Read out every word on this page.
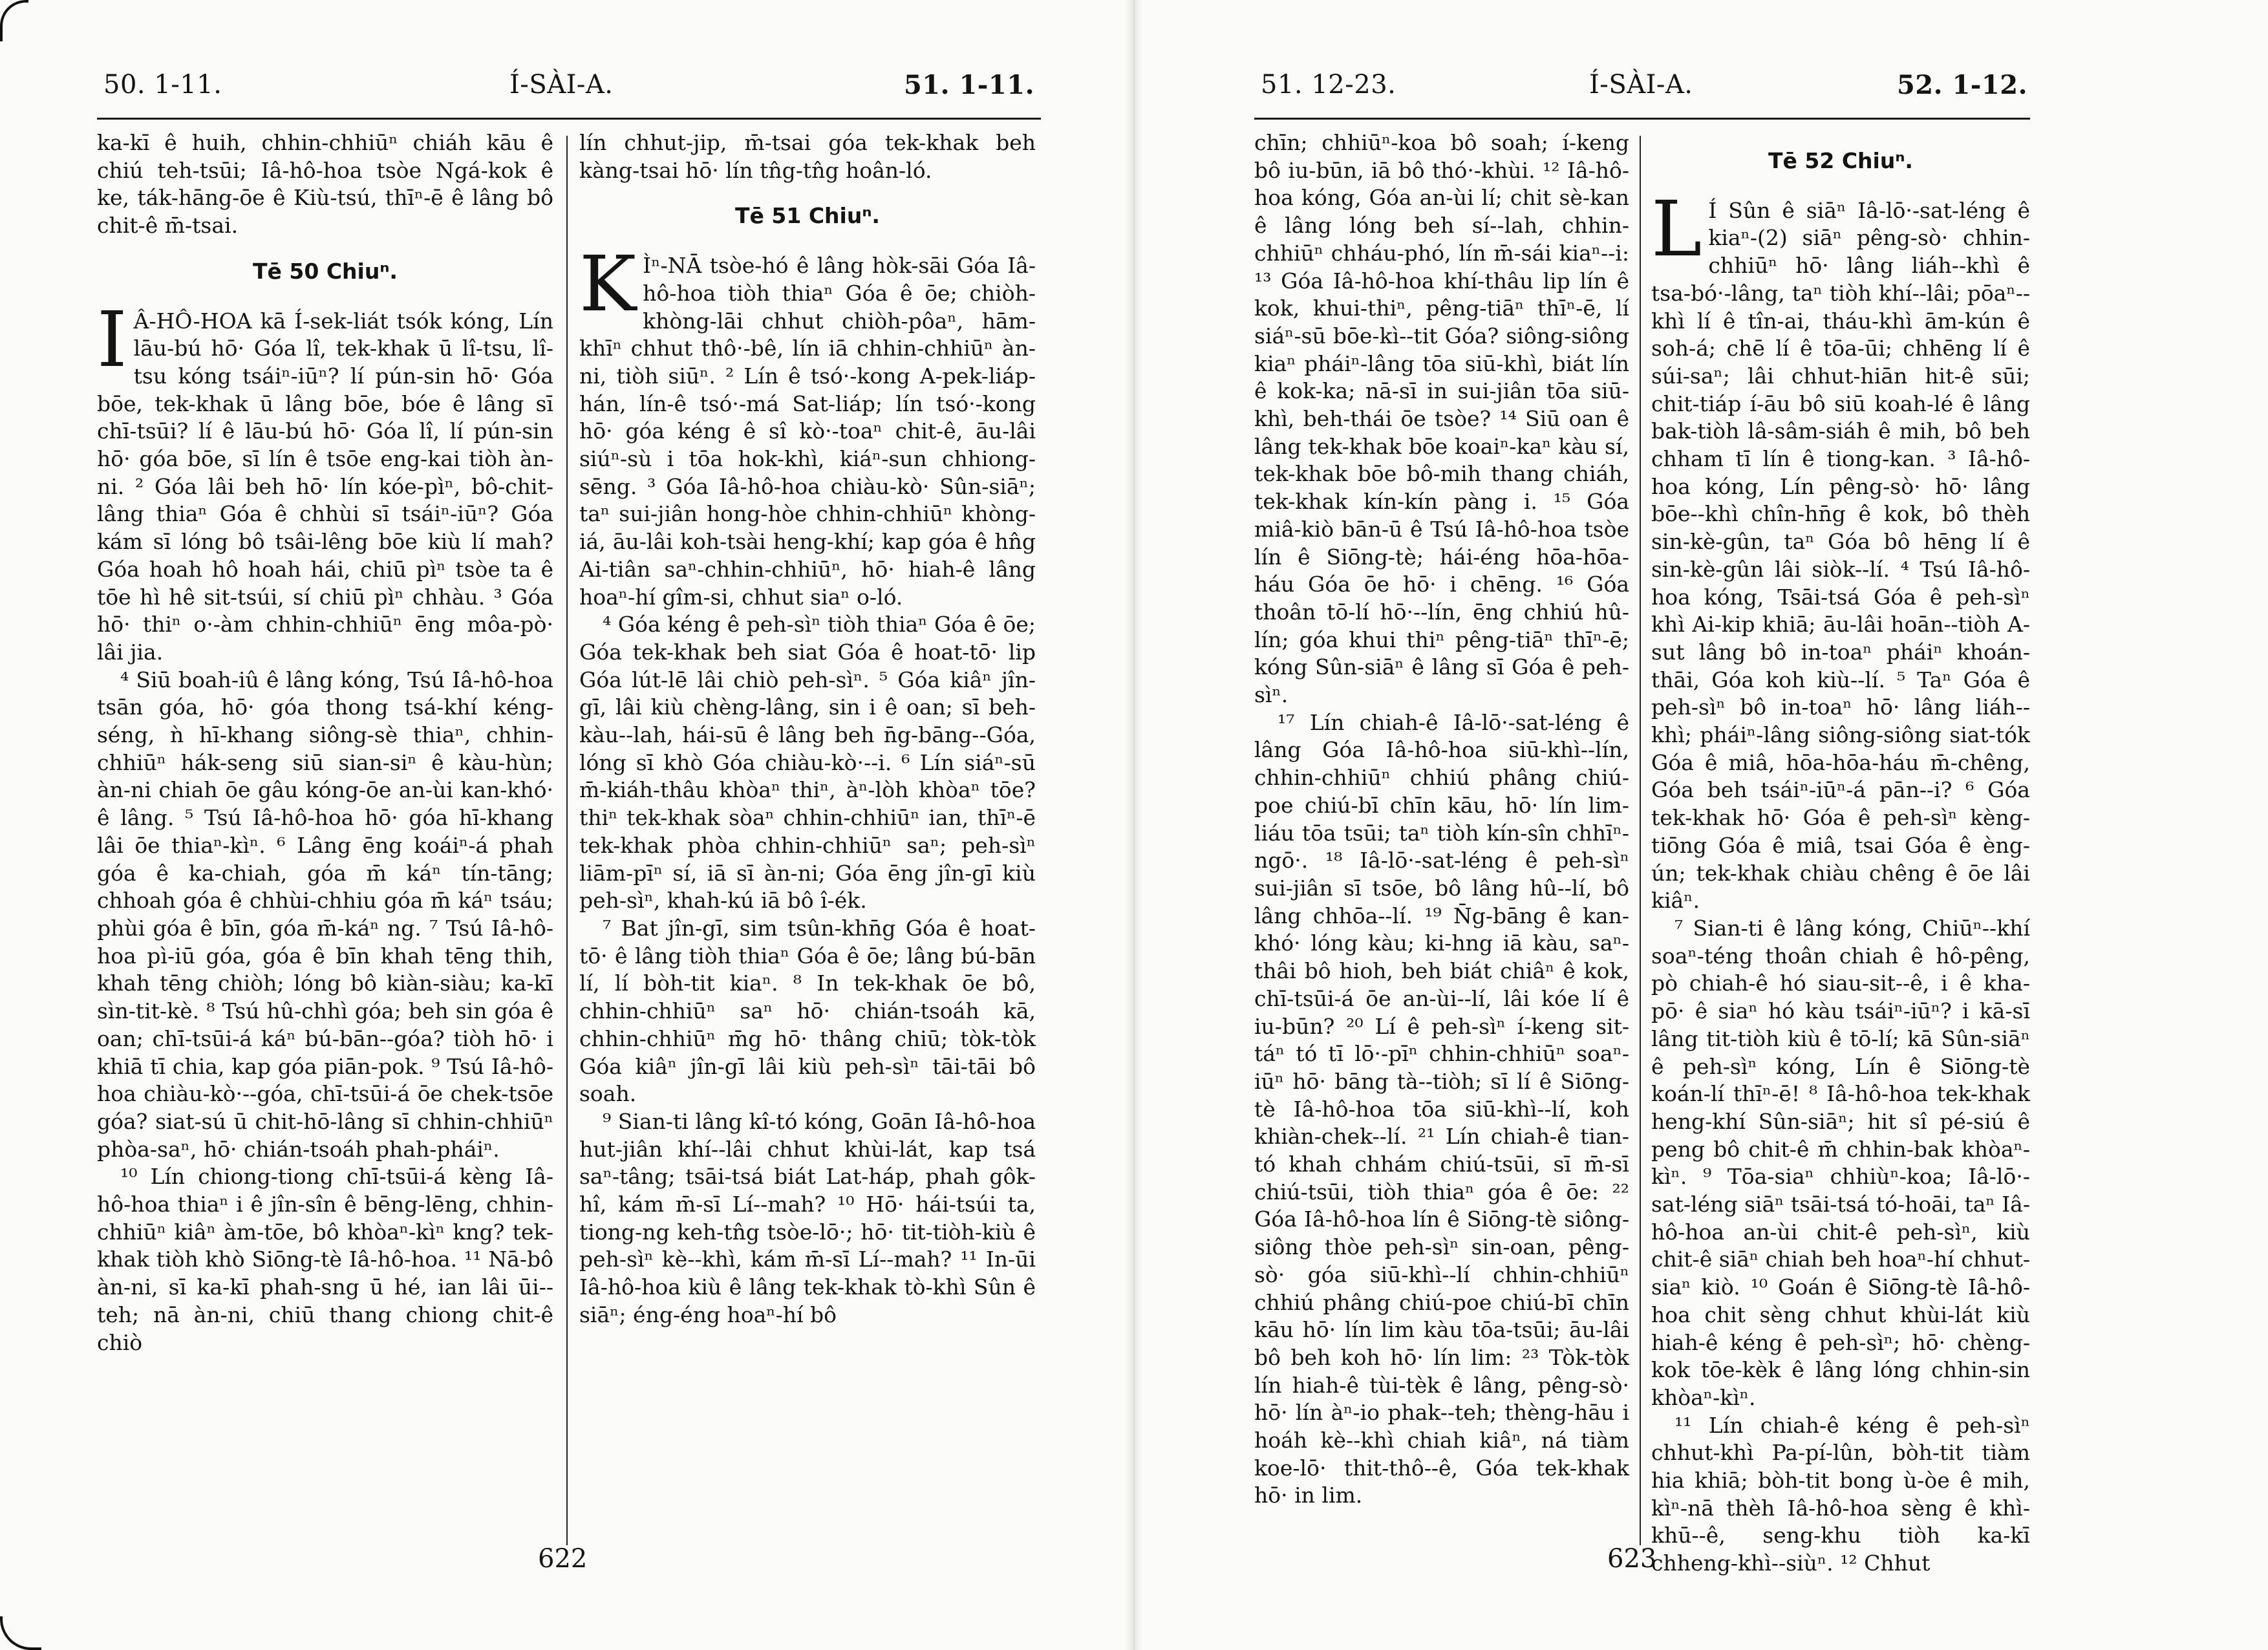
50. 1-11.	Í-SÀI-A.	51. 1-11.

ka-kī ê huih, chhin-chhiūⁿ chiáh kāu ê chiú teh-tsūi; Iâ-hô-hoa tsòe Ngá-kok ê ke, ták-hāng-ōe ê Kiù-tsú, thīⁿ-ē ê lâng bô chit-ê m̄-tsai.

Tē 50 Chiuⁿ.

IÂ-HÔ-HOA kā Í-sek-liát tsók kóng, Lín lāu-bú hō· Góa lî, tek-khak ū lî-tsu, lî-tsu kóng tsáiⁿ-iūⁿ? lí pún-sin hō· Góa bōe, tek-khak ū lâng bōe, bóe ê lâng sī chī-tsūi? lí ê lāu-bú hō· Góa lî, lí pún-sin hō· góa bōe, sī lín ê tsōe eng-kai tiòh àn-ni. ² Góa lâi beh hō· lín kóe-pìⁿ, bô-chit-lâng thiaⁿ Góa ê chhùi sī tsáiⁿ-iūⁿ? Góa kám sī lóng bô tsâi-lêng bōe kiù lí mah? Góa hoah hô hoah hái, chiū pìⁿ tsòe ta ê tōe hì hê sit-tsúi, sí chiū pìⁿ chhàu. ³ Góa hō· thiⁿ o·-àm chhin-chhiūⁿ ēng môa-pò· lâi jia.

⁴ Siū boah-iû ê lâng kóng, Tsú Iâ-hô-hoa tsān góa, hō· góa thong tsá-khí kéng-séng, ǹ hī-khang siông-sè thiaⁿ, chhin-chhiūⁿ hák-seng siū sian-siⁿ ê kàu-hùn; àn-ni chiah ōe gâu kóng-ōe an-ùi kan-khó· ê lâng. ⁵ Tsú Iâ-hô-hoa hō· góa hī-khang lâi ōe thiaⁿ-kìⁿ. ⁶ Lâng ēng koáiⁿ-á phah góa ê ka-chiah, góa m̄ káⁿ tín-tāng; chhoah góa ê chhùi-chhiu góa m̄ káⁿ tsáu; phùi góa ê bīn, góa m̄-káⁿ ng. ⁷ Tsú Iâ-hô-hoa pì-iū góa, góa ê bīn khah tēng thih, khah tēng chiòh; lóng bô kiàn-siàu; ka-kī sìn-tit-kè. ⁸ Tsú hû-chhì góa; beh sin góa ê oan; chī-tsūi-á káⁿ bú-bān--góa? tiòh hō· i khiā tī chia, kap góa piān-pok. ⁹ Tsú Iâ-hô-hoa chiàu-kò·--góa, chī-tsūi-á ōe chek-tsōe góa? siat-sú ū chit-hō-lâng sī chhin-chhiūⁿ phòa-saⁿ, hō· chián-tsoáh phah-pháiⁿ.

¹⁰ Lín chiong-tiong chī-tsūi-á kèng Iâ-hô-hoa thiaⁿ i ê jîn-sîn ê bēng-lēng, chhin-chhiūⁿ kiâⁿ àm-tōe, bô khòaⁿ-kìⁿ kng? tek-khak tiòh khò Siōng-tè Iâ-hô-hoa. ¹¹ Nā-bô àn-ni, sī ka-kī phah-sng ū hé, ian lâi ūi--teh; nā àn-ni, chiū thang chiong chit-ê chiò

lín chhut-jip, m̄-tsai góa tek-khak beh kàng-tsai hō· lín tn̂g-tn̂g hoân-ló.

Tē 51 Chiuⁿ.

KÌⁿ-NĀ tsòe-hó ê lâng hòk-sāi Góa Iâ-hô-hoa tiòh thiaⁿ Góa ê ōe; chiòh-khòng-lāi chhut chiòh-pôaⁿ, hām-khīⁿ chhut thô·-bê, lín iā chhin-chhiūⁿ àn-ni, tiòh siūⁿ. ² Lín ê tsó·-kong A-pek-liáp-hán, lín-ê tsó·-má Sat-liáp; lín tsó·-kong hō· góa kéng ê sî kò·-toaⁿ chit-ê, āu-lâi siúⁿ-sù i tōa hok-khì, kiáⁿ-sun chhiong-sēng. ³ Góa Iâ-hô-hoa chiàu-kò· Sûn-siāⁿ; taⁿ sui-jiân hong-hòe chhin-chhiūⁿ khòng-iá, āu-lâi koh-tsài heng-khí; kap góa ê hn̂g Ai-tiân saⁿ-chhin-chhiūⁿ, hō· hiah-ê lâng hoaⁿ-hí gîm-si, chhut siaⁿ o-ló.

⁴ Góa kéng ê peh-sìⁿ tiòh thiaⁿ Góa ê ōe; Góa tek-khak beh siat Góa ê hoat-tō· lip Góa lút-lē lâi chiò peh-sìⁿ. ⁵ Góa kiâⁿ jîn-gī, lâi kiù chèng-lâng, sin i ê oan; sī beh-kàu--lah, hái-sū ê lâng beh n̄g-bāng--Góa, lóng sī khò Góa chiàu-kò·--i. ⁶ Lín siáⁿ-sū m̄-kiáh-thâu khòaⁿ thiⁿ, àⁿ-lòh khòaⁿ tōe? thiⁿ tek-khak sòaⁿ chhin-chhiūⁿ ian, thīⁿ-ē tek-khak phòa chhin-chhiūⁿ saⁿ; peh-sìⁿ liām-pīⁿ sí, iā sī àn-ni; Góa ēng jîn-gī kiù peh-sìⁿ, khah-kú iā bô î-ék.

⁷ Bat jîn-gī, sim tsûn-khn̄g Góa ê hoat-tō· ê lâng tiòh thiaⁿ Góa ê ōe; lâng bú-bān lí, lí bòh-tit kiaⁿ. ⁸ In tek-khak ōe bô, chhin-chhiūⁿ saⁿ hō· chián-tsoáh kā, chhin-chhiūⁿ m̄g hō· thâng chiū; tòk-tòk Góa kiâⁿ jîn-gī lâi kiù peh-sìⁿ tāi-tāi bô soah.

⁹ Sian-ti lâng kî-tó kóng, Goān Iâ-hô-hoa hut-jiân khí--lâi chhut khùi-lát, kap tsá saⁿ-tâng; tsāi-tsá biát Lat-háp, phah gôk-hî, kám m̄-sī Lí--mah? ¹⁰ Hō· hái-tsúi ta, tiong-ng keh-tn̂g tsòe-lō·; hō· tit-tiòh-kiù ê peh-sìⁿ kè--khì, kám m̄-sī Lí--mah? ¹¹ In-ūi Iâ-hô-hoa kiù ê lâng tek-khak tò-khì Sûn ê siāⁿ; éng-éng hoaⁿ-hí bô

622
51. 12-23.	Í-SÀI-A.	52. 1-12.

chīn; chhiūⁿ-koa bô soah; í-keng bô iu-būn, iā bô thó·-khùi. ¹² Iâ-hô-hoa kóng, Góa an-ùi lí; chit sè-kan ê lâng lóng beh sí--lah, chhin-chhiūⁿ chháu-phó, lín m̄-sái kiaⁿ--i: ¹³ Góa Iâ-hô-hoa khí-thâu lip lín ê kok, khui-thiⁿ, pêng-tiāⁿ thīⁿ-ē, lí siáⁿ-sū bōe-kì--tit Góa? siông-siông kiaⁿ pháiⁿ-lâng tōa siū-khì, biát lín ê kok-ka; nā-sī in sui-jiân tōa siū-khì, beh-thái ōe tsòe? ¹⁴ Siū oan ê lâng tek-khak bōe koaiⁿ-kaⁿ kàu sí, tek-khak bōe bô-mih thang chiáh, tek-khak kín-kín pàng i. ¹⁵ Góa miâ-kiò bān-ū ê Tsú Iâ-hô-hoa tsòe lín ê Siōng-tè; hái-éng hōa-hōa-háu Góa ōe hō· i chēng. ¹⁶ Góa thoân tō-lí hō·--lín, ēng chhiú hû-lín; góa khui thiⁿ pêng-tiāⁿ thīⁿ-ē; kóng Sûn-siāⁿ ê lâng sī Góa ê peh-sìⁿ.

¹⁷ Lín chiah-ê Iâ-lō·-sat-léng ê lâng Góa Iâ-hô-hoa siū-khì--lín, chhin-chhiūⁿ chhiú phâng chiú-poe chiú-bī chīn kāu, hō· lín lim-liáu tōa tsūi; taⁿ tiòh kín-sîn chhīⁿ-ngō·. ¹⁸ Iâ-lō·-sat-léng ê peh-sìⁿ sui-jiân sī tsōe, bô lâng hû--lí, bô lâng chhōa--lí. ¹⁹ N̄g-bāng ê kan-khó· lóng kàu; ki-hng iā kàu, saⁿ-thâi bô hioh, beh biát chiâⁿ ê kok, chī-tsūi-á ōe an-ùi--lí, lâi kóe lí ê iu-būn? ²⁰ Lí ê peh-sìⁿ í-keng sit-táⁿ tó tī lō·-pīⁿ chhin-chhiūⁿ soaⁿ-iūⁿ hō· bāng tà--tiòh; sī lí ê Siōng-tè Iâ-hô-hoa tōa siū-khì--lí, koh khiàn-chek--lí. ²¹ Lín chiah-ê tian-tó khah chhám chiú-tsūi, sī m̄-sī chiú-tsūi, tiòh thiaⁿ góa ê ōe: ²² Góa Iâ-hô-hoa lín ê Siōng-tè siông-siông thòe peh-sìⁿ sin-oan, pêng-sò· góa siū-khì--lí chhin-chhiūⁿ chhiú phâng chiú-poe chiú-bī chīn kāu hō· lín lim kàu tōa-tsūi; āu-lâi bô beh koh hō· lín lim: ²³ Tòk-tòk lín hiah-ê tùi-tèk ê lâng, pêng-sò· hō· lín àⁿ-io phak--teh; thèng-hāu i hoáh kè--khì chiah kiâⁿ, ná tiàm koe-lō· thit-thô--ê, Góa tek-khak hō· in lim.

Tē 52 Chiuⁿ.

LÍ Sûn ê siāⁿ Iâ-lō·-sat-léng ê kiaⁿ-(2) siāⁿ pêng-sò· chhin-chhiūⁿ hō· lâng liáh--khì ê tsa-bó·-lâng, taⁿ tiòh khí--lâi; pōaⁿ--khì lí ê tîn-ai, tháu-khì ām-kún ê soh-á; chē lí ê tōa-ūi; chhēng lí ê súi-saⁿ; lâi chhut-hiān hit-ê sūi; chit-tiáp í-āu bô siū koah-lé ê lâng bak-tiòh lâ-sâm-siáh ê mih, bô beh chham tī lín ê tiong-kan. ³ Iâ-hô-hoa kóng, Lín pêng-sò· hō· lâng bōe--khì chîn-hn̄g ê kok, bô thèh sin-kè-gûn, taⁿ Góa bô hēng lí ê sin-kè-gûn lâi siòk--lí. ⁴ Tsú Iâ-hô-hoa kóng, Tsāi-tsá Góa ê peh-sìⁿ khì Ai-kip khiā; āu-lâi hoān--tiòh A-sut lâng bô in-toaⁿ pháiⁿ khoán-thāi, Góa koh kiù--lí. ⁵ Taⁿ Góa ê peh-sìⁿ bô in-toaⁿ hō· lâng liáh--khì; pháiⁿ-lâng siông-siông siat-tók Góa ê miâ, hōa-hōa-háu m̄-chêng, Góa beh tsáiⁿ-iūⁿ-á pān--i? ⁶ Góa tek-khak hō· Góa ê peh-sìⁿ kèng-tiōng Góa ê miâ, tsai Góa ê èng-ún; tek-khak chiàu chêng ê ōe lâi kiâⁿ.

⁷ Sian-ti ê lâng kóng, Chiūⁿ--khí soaⁿ-téng thoân chiah ê hô-pêng, pò chiah-ê hó siau-sit--ê, i ê kha-pō· ê siaⁿ hó kàu tsáiⁿ-iūⁿ? i kā-sī lâng tit-tiòh kiù ê tō-lí; kā Sûn-siāⁿ ê peh-sìⁿ kóng, Lín ê Siōng-tè koán-lí thīⁿ-ē! ⁸ Iâ-hô-hoa tek-khak heng-khí Sûn-siāⁿ; hit sî pé-siú ê peng bô chit-ê m̄ chhin-bak khòaⁿ-kìⁿ. ⁹ Tōa-siaⁿ chhiùⁿ-koa; Iâ-lō·-sat-léng siāⁿ tsāi-tsá tó-hoāi, taⁿ Iâ-hô-hoa an-ùi chit-ê peh-sìⁿ, kiù chit-ê siāⁿ chiah beh hoaⁿ-hí chhut-siaⁿ kiò. ¹⁰ Goán ê Siōng-tè Iâ-hô-hoa chit sèng chhut khùi-lát kiù hiah-ê kéng ê peh-sìⁿ; hō· chèng-kok tōe-kèk ê lâng lóng chhin-sin khòaⁿ-kìⁿ.

¹¹ Lín chiah-ê kéng ê peh-sìⁿ chhut-khì Pa-pí-lûn, bòh-tit tiàm hia khiā; bòh-tit bong ù-òe ê mih, kìⁿ-nā thèh Iâ-hô-hoa sèng ê khì-khū--ê, seng-khu tiòh ka-kī chheng-khì--siùⁿ. ¹² Chhut

623
